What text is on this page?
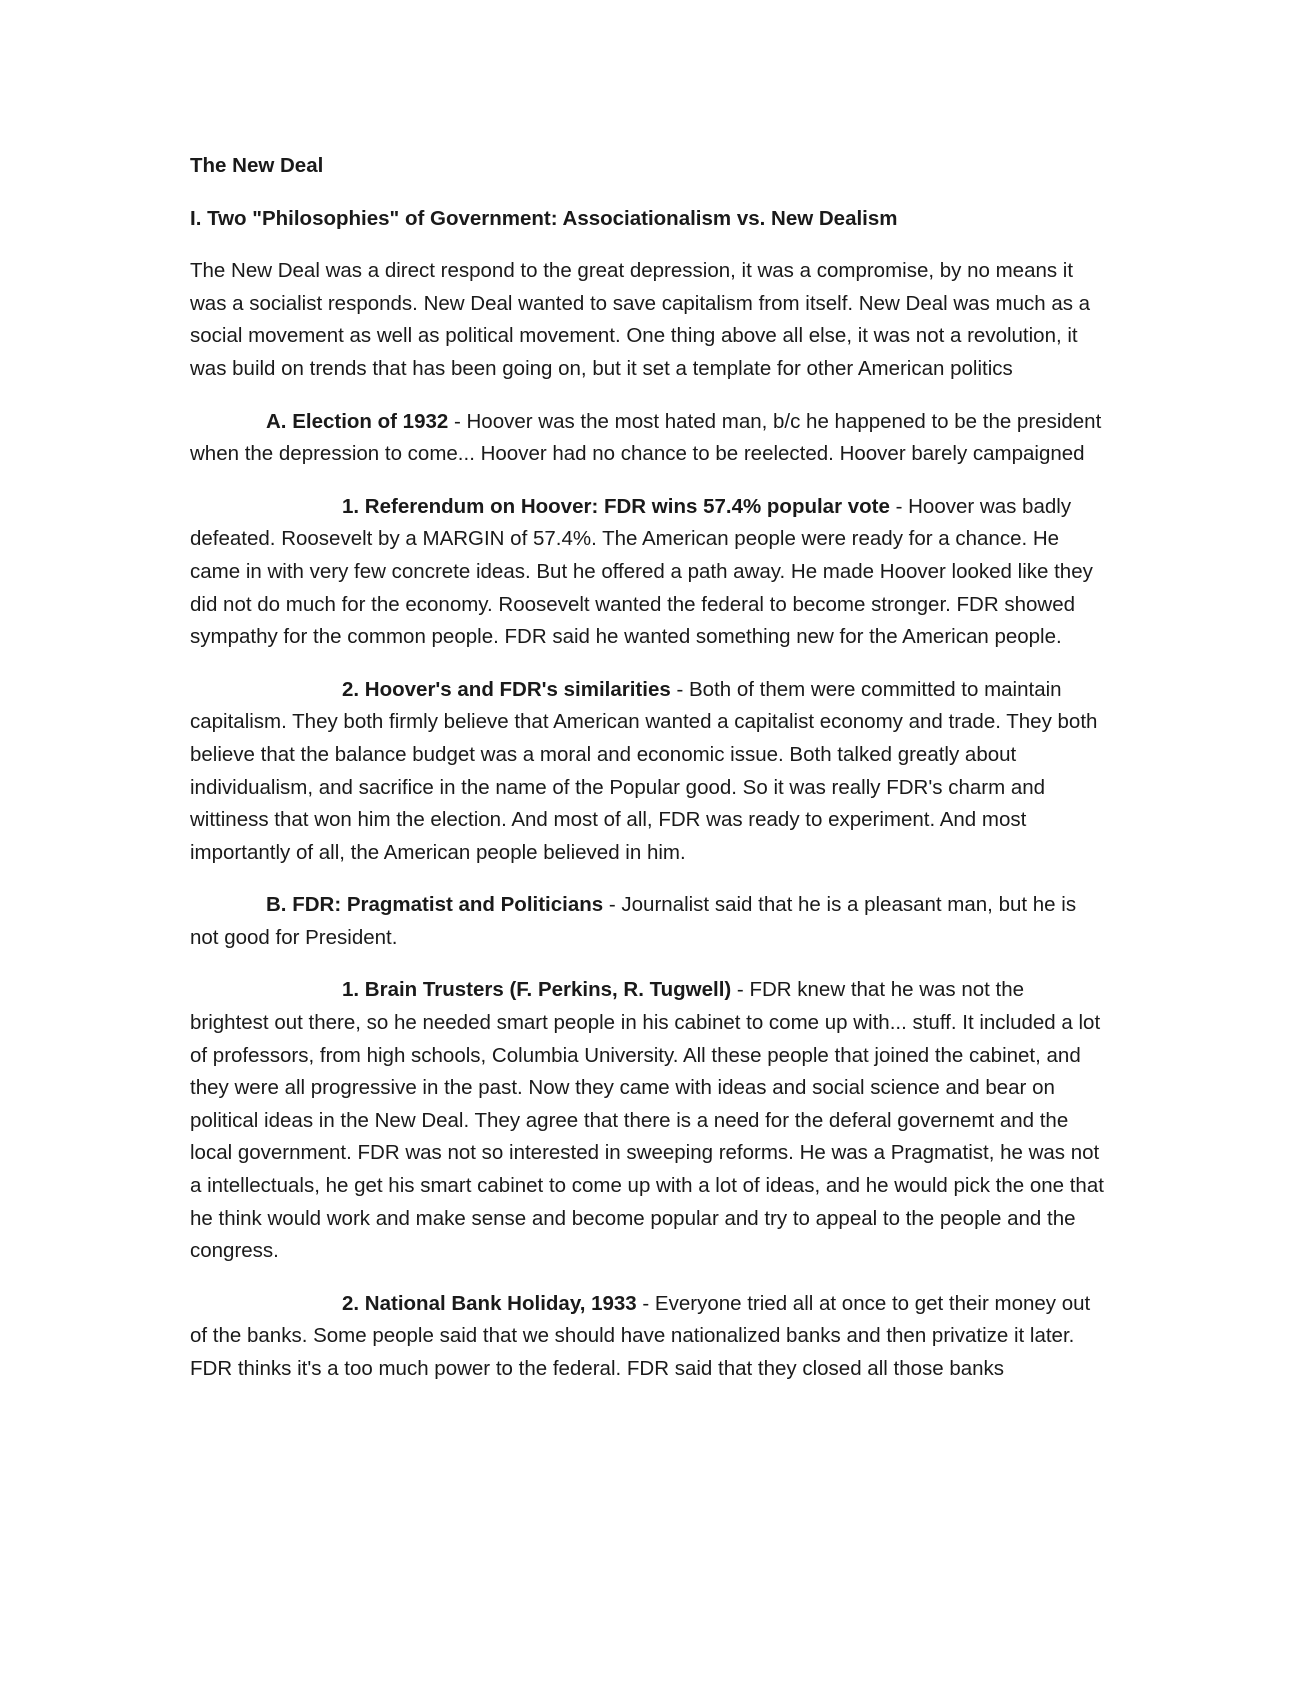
The New Deal

I. Two "Philosophies" of Government: Associationalism vs. New Dealism

The New Deal was a direct respond to the great depression, it was a compromise, by no means it was a socialist responds. New Deal wanted to save capitalism from itself. New Deal was much as a social movement as well as political movement. One thing above all else, it was not a revolution, it was build on trends that has been going on, but it set a template for other American politics

A. Election of 1932 - Hoover was the most hated man, b/c he happened to be the president when the depression to come... Hoover had no chance to be reelected. Hoover barely campaigned

1. Referendum on Hoover: FDR wins 57.4% popular vote - Hoover was badly defeated. Roosevelt by a MARGIN of 57.4%. The American people were ready for a chance. He came in with very few concrete ideas. But he offered a path away. He made Hoover looked like they did not do much for the economy. Roosevelt wanted the federal to become stronger. FDR showed sympathy for the common people. FDR said he wanted something new for the American people.

2. Hoover's and FDR's similarities - Both of them were committed to maintain capitalism. They both firmly believe that American wanted a capitalist economy and trade. They both believe that the balance budget was a moral and economic issue. Both talked greatly about individualism, and sacrifice in the name of the Popular good. So it was really FDR's charm and wittiness that won him the election. And most of all, FDR was ready to experiment. And most importantly of all, the American people believed in him.

B. FDR: Pragmatist and Politicians - Journalist said that he is a pleasant man, but he is not good for President.

1. Brain Trusters (F. Perkins, R. Tugwell) - FDR knew that he was not the brightest out there, so he needed smart people in his cabinet to come up with... stuff. It included a lot of professors, from high schools, Columbia University. All these people that joined the cabinet, and they were all progressive in the past. Now they came with ideas and social science and bear on political ideas in the New Deal. They agree that there is a need for the deferal governemt and the local government. FDR was not so interested in sweeping reforms. He was a Pragmatist, he was not a intellectuals, he get his smart cabinet to come up with a lot of ideas, and he would pick the one that he think would work and make sense and become popular and try to appeal to the people and the congress.

2. National Bank Holiday, 1933 - Everyone tried all at once to get their money out of the banks. Some people said that we should have nationalized banks and then privatize it later. FDR thinks it's a too much power to the federal. FDR said that they closed all those banks
